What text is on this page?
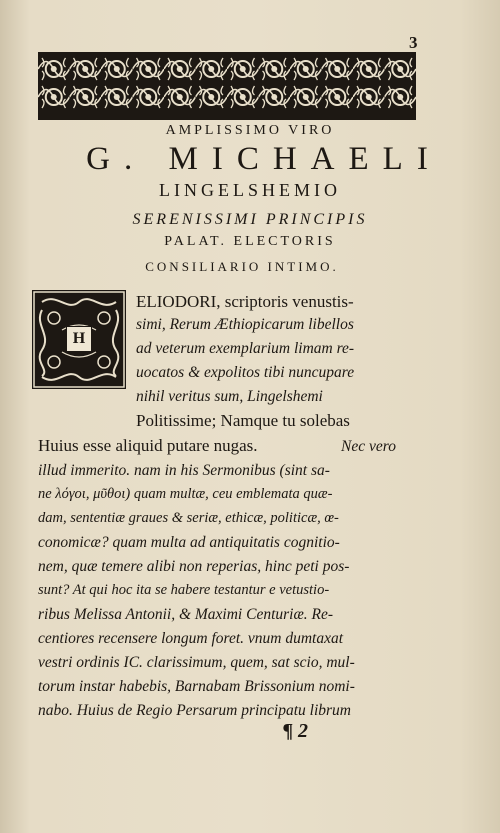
3
AMPLISSIMO VIRO
G. MICHAELI
LINGELSHEMIO
SERENISSIMI PRINCIPIS
PALAT. ELECTORIS
CONSILIARIO INTIMO.
H
ELIODORI, scriptoris venustis-
simi, Rerum Æthiopicarum libellos
ad veterum exemplarium limam re-
uocatos & expolitos tibi nuncupare
nihil veritus sum, Lingelshemi
Politissime; Namque tu solebas
Huius esse aliquid putare nugas.	Nec vero
illud immerito. nam in his Sermonibus (sint sa-
ne λόγοι, μῦθοι) quam multæ, ceu emblemata quæ-
dam, sententiæ graues & seriæ, ethicæ, politicæ, œ-
conomicæ? quam multa ad antiquitatis cognitio-
nem, quæ temere alibi non reperias, hinc peti pos-
sunt? At qui hoc ita se habere testantur e vetustio-
ribus Melissa Antonii, & Maximi Centuriæ. Re-
centiores recensere longum foret. vnum dumtaxat
vestri ordinis IC. clarissimum, quem, sat scio, mul-
torum instar habebis, Barnabam Brissonium nomi-
nabo. Huius de Regio Persarum principatu librum
¶ 2
